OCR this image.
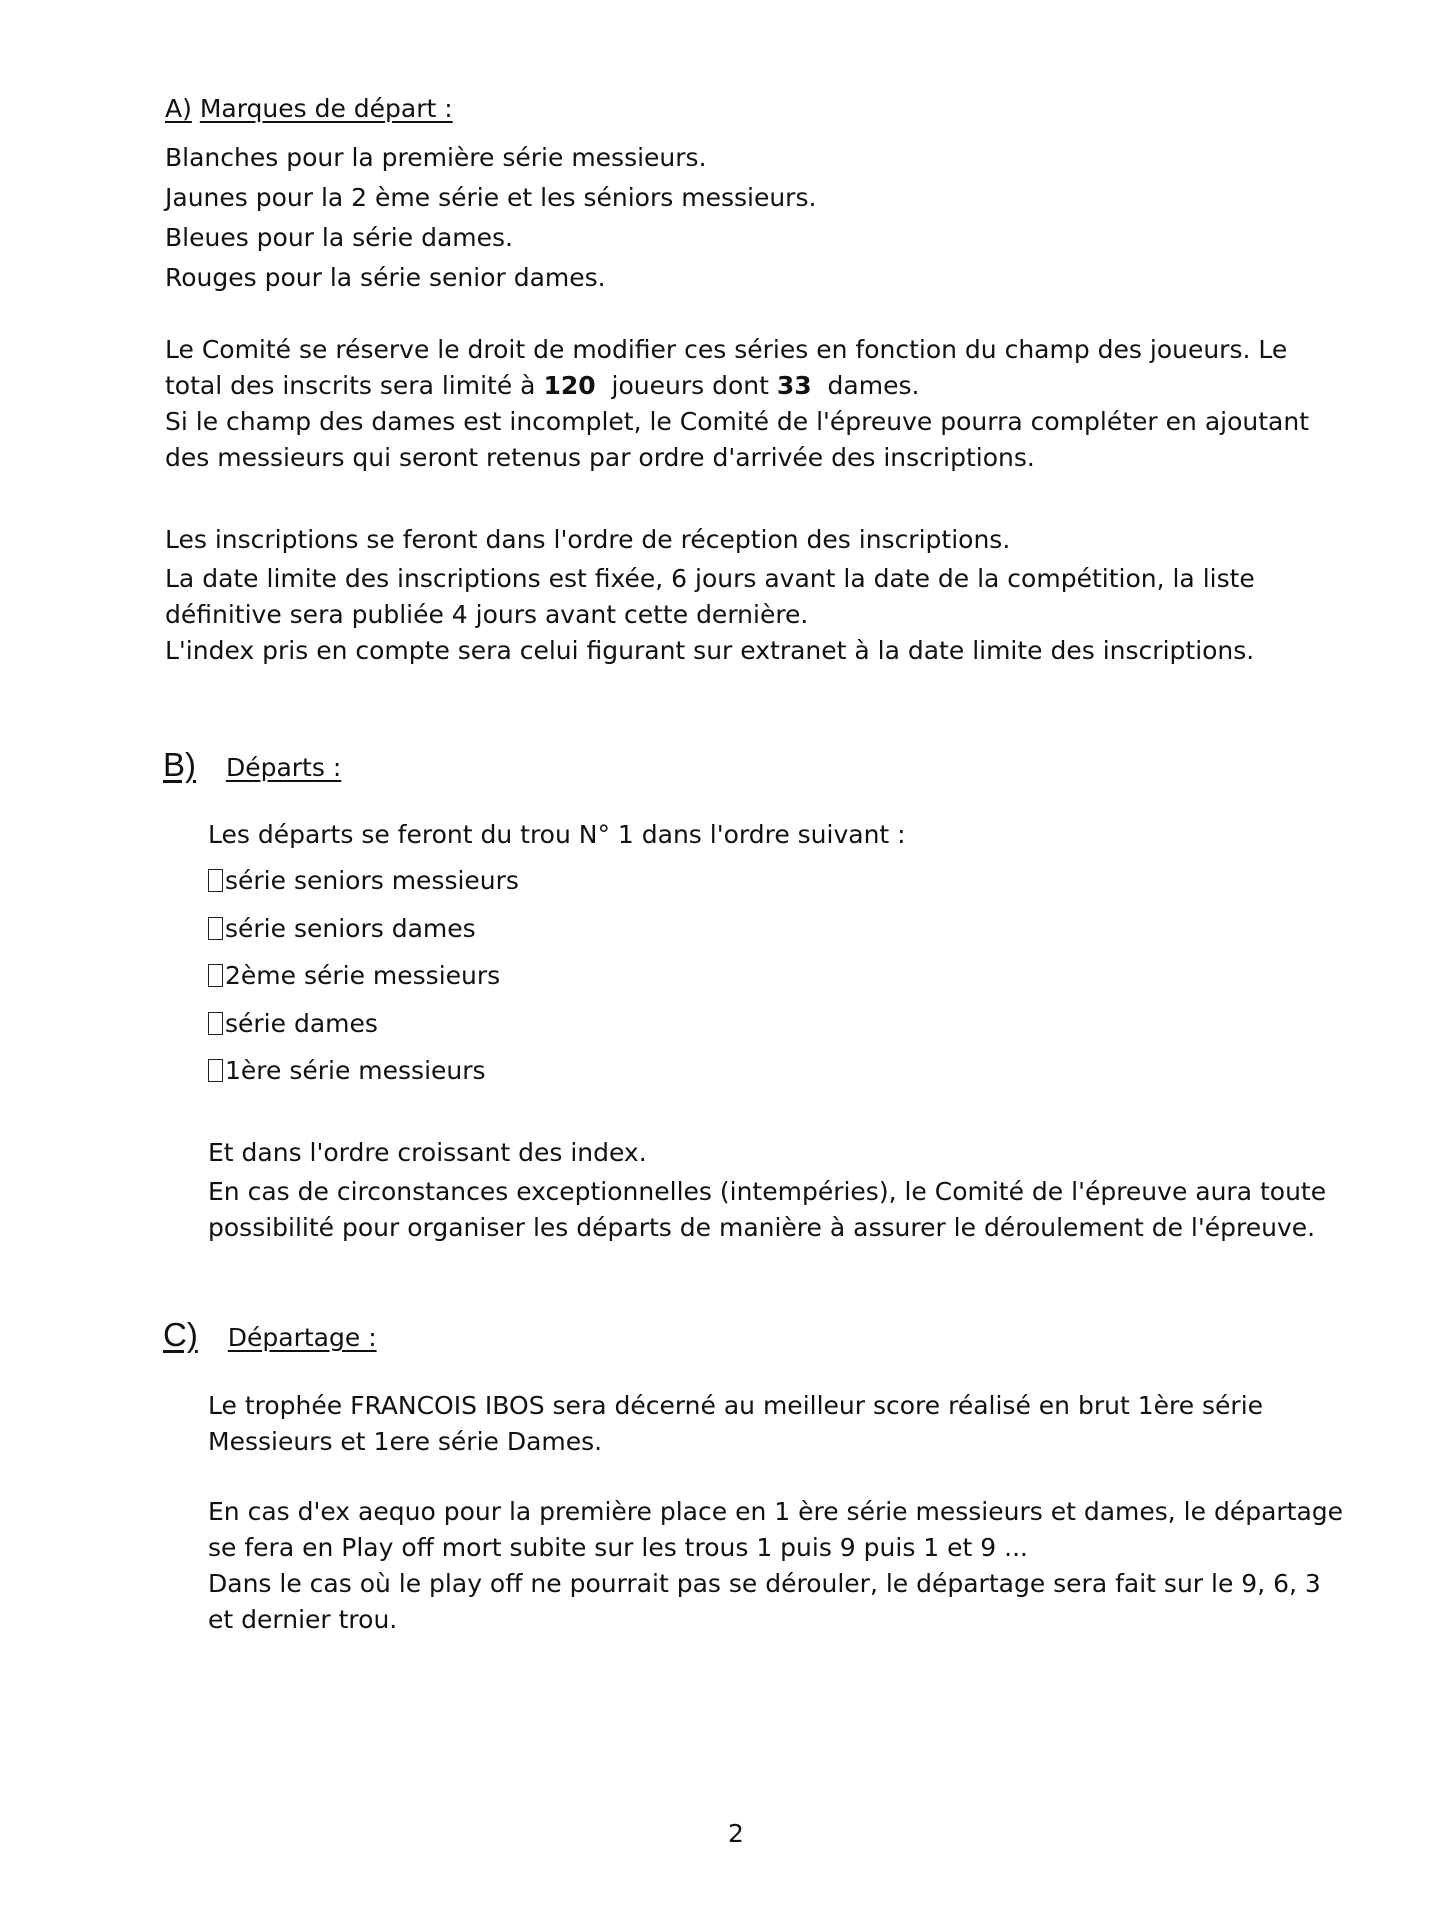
A) Marques de départ :
Blanches pour la première série messieurs.
Jaunes pour la 2 ème série et les séniors messieurs.
Bleues pour la série dames.
Rouges pour la série senior dames.
Le Comité se réserve le droit de modifier ces séries en fonction du champ des joueurs. Le
total des inscrits sera limité à 120  joueurs dont 33  dames.
Si le champ des dames est incomplet, le Comité de l'épreuve pourra compléter en ajoutant
des messieurs qui seront retenus par ordre d'arrivée des inscriptions.
Les inscriptions se feront dans l'ordre de réception des inscriptions.
La date limite des inscriptions est fixée, 6 jours avant la date de la compétition, la liste
définitive sera publiée 4 jours avant cette dernière.
L'index pris en compte sera celui figurant sur extranet à la date limite des inscriptions.
B) Départs :
Les départs se feront du trou N° 1 dans l'ordre suivant :
série seniors messieurs
série seniors dames
2ème série messieurs
série dames
1ère série messieurs
Et dans l'ordre croissant des index.
En cas de circonstances exceptionnelles (intempéries), le Comité de l'épreuve aura toute
possibilité pour organiser les départs de manière à assurer le déroulement de l'épreuve.
C) Départage :
Le trophée FRANCOIS IBOS sera décerné au meilleur score réalisé en brut 1ère série
Messieurs et 1ere série Dames.
En cas d'ex aequo pour la première place en 1 ère série messieurs et dames, le départage
se fera en Play off mort subite sur les trous 1 puis 9 puis 1 et 9 ...
Dans le cas où le play off ne pourrait pas se dérouler, le départage sera fait sur le 9, 6, 3
et dernier trou.
2
